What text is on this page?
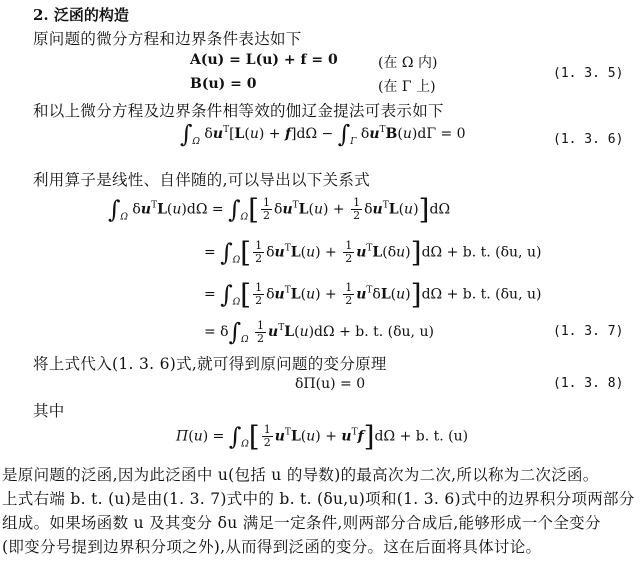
2. 泛函的构造
原问题的微分方程和边界条件表达如下
A(u) = L(u) + f = 0	(在 Ω 内)
B(u) = 0	(在 Γ 上)
(1. 3. 5)
和以上微分方程及边界条件相等效的伽辽金提法可表示如下
$\int_\Omega$ $\delta u^T[L(u) + f]d\Omega - \int_\Gamma$ $\delta u^TB(u)d\Gamma = 0$	(1. 3. 6)
利用算子是线性、自伴随的,可以导出以下关系式
$\int_\Omega$ $\delta u^TL(u)d\Omega = \int_\Omega[ \frac{1}{2} \delta u^TL(u) + \frac{1}{2} \delta u^TL(u)]d\Omega$
= $\int_\Omega[ \frac{1}{2} \delta u^TL(u) + \frac{1}{2} u^TL(\delta u)]d\Omega + b$. t. (δu, u)
= $\int_\Omega[ \frac{1}{2} \delta u^TL(u) + \frac{1}{2} u^T\delta L(u)]d\Omega + b$. t. (δu, u)
= $\delta\int_\Omega \frac{1}{2} u^TL(u)d\Omega + b$. t. (δu, u)	(1. 3. 7)
将上式代入(1. 3. 6)式,就可得到原问题的变分原理
δΠ(u) = 0	(1. 3. 8)
其中
$\Pi(u) = \int_\Omega[ \frac{1}{2} u^TL(u) + u^Tf]d\Omega + b$. t. (u)
是原问题的泛函,因为此泛函中 u(包括 u 的导数)的最高次为二次,所以称为二次泛函。
上式右端 b. t. (u)是由(1. 3. 7)式中的 b. t. (δu,u)项和(1. 3. 6)式中的边界积分项两部分
组成。如果场函数 u 及其变分 δu 满足一定条件,则两部分合成后,能够形成一个全变分
(即变分号提到边界积分项之外),从而得到泛函的变分。这在后面将具体讨论。
